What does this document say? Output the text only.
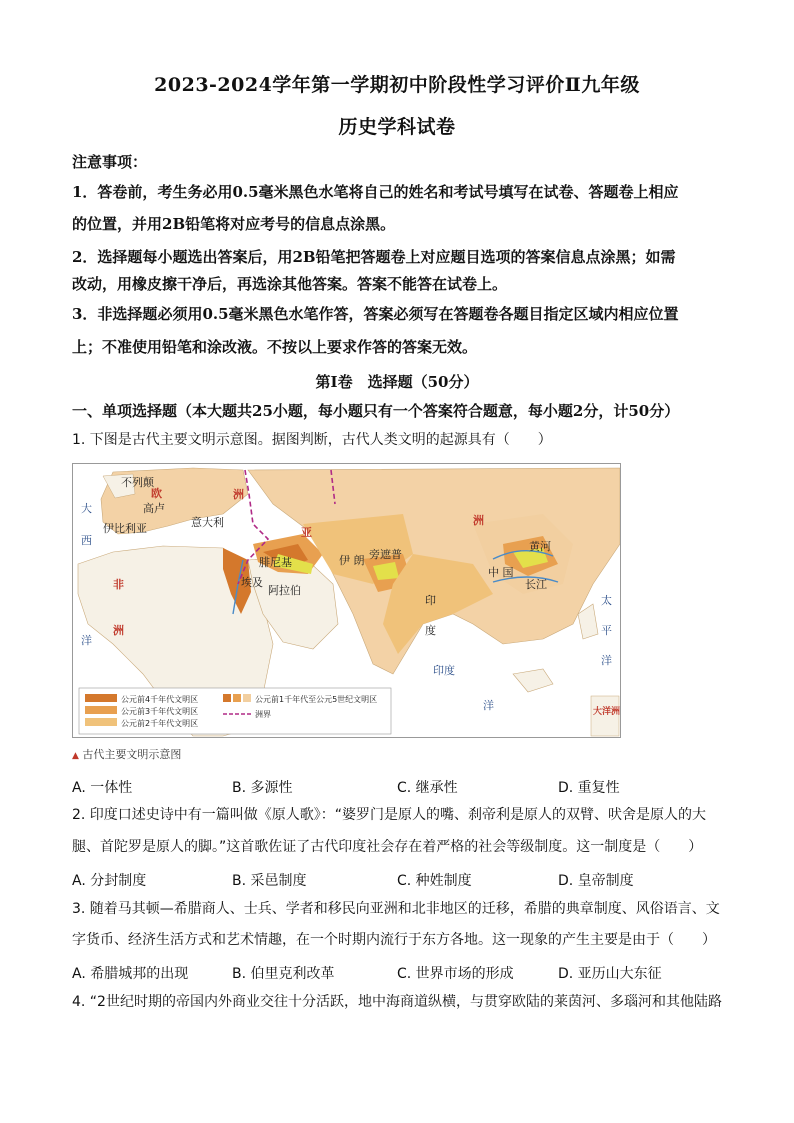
2023-2024学年第一学期初中阶段性学习评价Ⅱ九年级
历史学科试卷
注意事项：
1．答卷前，考生务必用0.5毫米黑色水笔将自己的姓名和考试号填写在试卷、答题卷上相应
的位置，并用2B铅笔将对应考号的信息点涂黑。
2．选择题每小题选出答案后，用2B铅笔把答题卷上对应题目选项的答案信息点涂黑；如需
改动，用橡皮擦干净后，再选涂其他答案。答案不能答在试卷上。
3．非选择题必须用0.5毫米黑色水笔作答，答案必须写在答题卷各题目指定区域内相应位置
上；不准使用铅笔和涂改液。不按以上要求作答的答案无效。
第Ⅰ卷　选择题（50分）
一、单项选择题（本大题共25小题，每小题只有一个答案符合题意，每小题2分，计50分）
1. 下图是古代主要文明示意图。据图判断，古代人类文明的起源具有（　　）
不列颠
欧	洲
高卢
意大利
伊比利亚
大
西
洋
非
洲
亚
洲
伊 朗
腓尼基
埃及
阿拉伯
旁遮普
印
度
中 国
黄河
长江
太
平
洋
印度
洋	大洋洲
公元前4千年代文明区
公元前3千年代文明区
公元前2千年代文明区
公元前1千年代至公元5世纪文明区
洲界
▲ 古代主要文明示意图
A. 一体性	B. 多源性	C. 继承性	D. 重复性
2. 印度口述史诗中有一篇叫做《原人歌》：“婆罗门是原人的嘴、刹帝利是原人的双臂、吠舍是原人的大
腿、首陀罗是原人的脚。”这首歌佐证了古代印度社会存在着严格的社会等级制度。这一制度是（　　）
A. 分封制度	B. 采邑制度	C. 种姓制度	D. 皇帝制度
3. 随着马其顿—希腊商人、士兵、学者和移民向亚洲和北非地区的迁移，希腊的典章制度、风俗语言、文
字货币、经济生活方式和艺术情趣，在一个时期内流行于东方各地。这一现象的产生主要是由于（　　）
A. 希腊城邦的出现	B. 伯里克利改革	C. 世界市场的形成	D. 亚历山大东征
4. “2世纪时期的帝国内外商业交往十分活跃，地中海商道纵横，与贯穿欧陆的莱茵河、多瑙河和其他陆路
